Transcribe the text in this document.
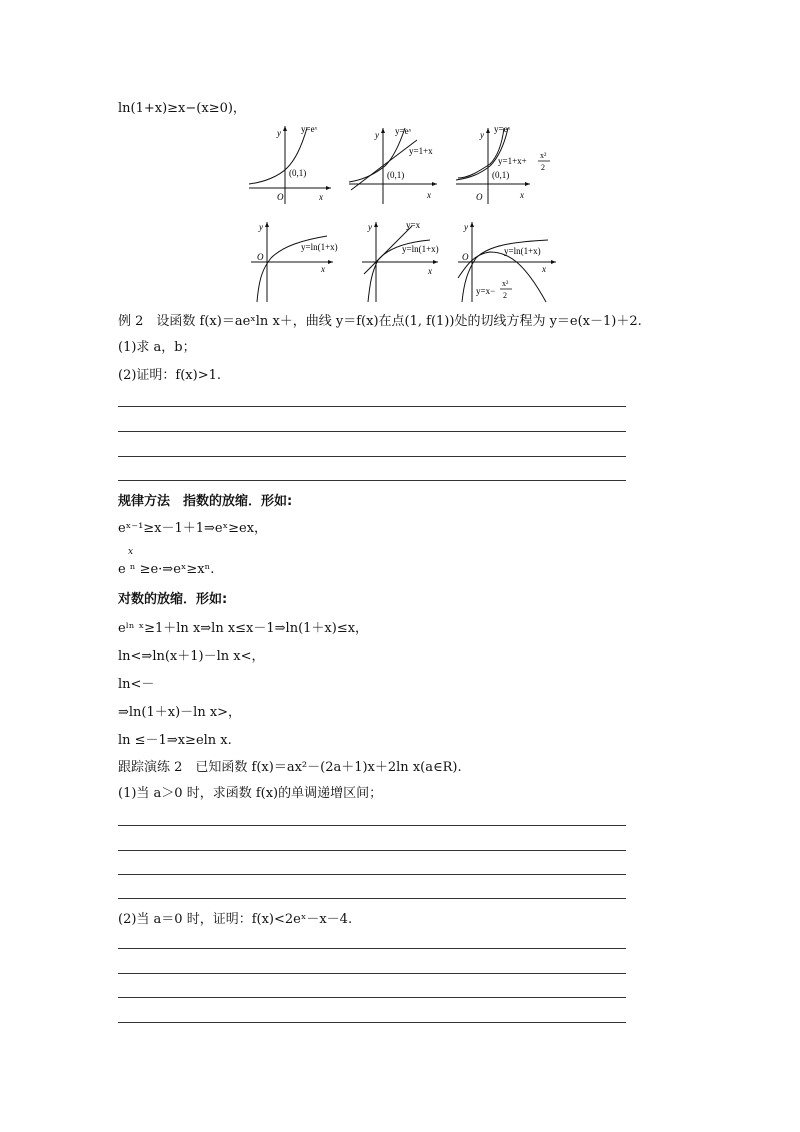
ln(1+x)≥x−(x≥0)，
y y=eˣ
(0,1)
O	x
y y=eˣ
y=1+x
(0,1)
x
y
y=eˣ
y=1+x+
x²
2
(0,1)
O	x
y
y=ln(1+x)
O
x
y	y=x
y=ln(1+x)
x
y
y=ln(1+x)
O
x
y=x−
x²
2
例 2　设函数 f(x)＝aeˣln x＋，曲线 y＝f(x)在点(1, f(1))处的切线方程为 y＝e(x－1)＋2.
(1)求 a，b；
(2)证明：f(x)>1.
规律方法　指数的放缩．形如:
eˣ⁻¹≥x－1＋1⇒eˣ≥ex，
x
e ⁿ ≥e·⇒eˣ≥xⁿ.
对数的放缩．形如:
eˡⁿ ˣ≥1＋ln x⇒ln x≤x－1⇒ln(1＋x)≤x，
ln<⇒ln(x＋1)－ln x<，
ln<－
⇒ln(1＋x)－ln x>，
ln ≤－1⇒x≥eln x.
跟踪演练 2　已知函数 f(x)＝ax²－(2a＋1)x＋2ln x(a∈R).
(1)当 a＞0 时，求函数 f(x)的单调递增区间；
(2)当 a＝0 时，证明：f(x)<2eˣ－x－4.
